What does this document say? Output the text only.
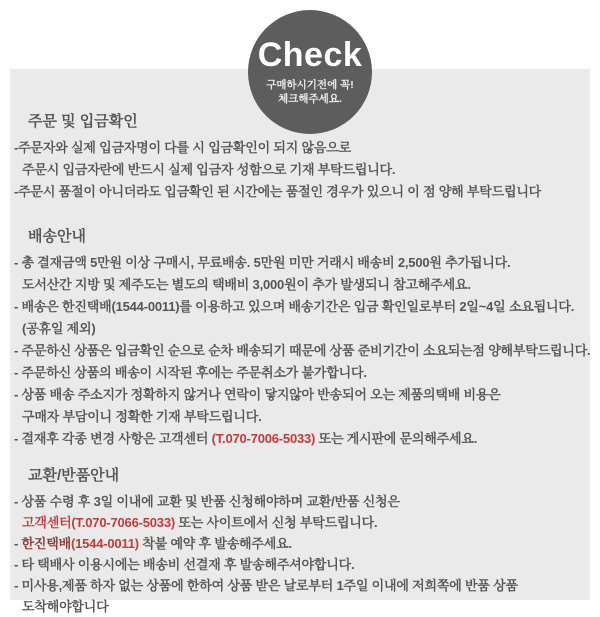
Check
구매하시기전에 꼭!
체크해주세요.
주문 및 입금확인
-주문자와 실제 입금자명이 다를 시 입금확인이 되지 않음으로
주문시 입금자란에 반드시 실제 입금자 성함으로 기재 부탁드립니다.
-주문시 품절이 아니더라도 입금확인 된 시간에는 품절인 경우가 있으니 이 점 양해 부탁드립니다
배송안내
- 총 결재금액 5만원 이상 구매시, 무료배송. 5만원 미만 거래시 배송비 2,500원 추가됩니다.
도서산간 지방 및 제주도는 별도의 택배비 3,000원이 추가 발생되니 참고해주세요.
- 배송은 한진택배(1544-0011)를 이용하고 있으며 배송기간은 입금 확인일로부터 2일~4일 소요됩니다.
(공휴일 제외)
- 주문하신 상품은 입금확인 순으로 순차 배송되기 때문에 상품 준비기간이 소요되는점 양해부탁드립니다.
- 주문하신 상품의 배송이 시작된 후에는 주문취소가 불가합니다.
- 상품 배송 주소지가 정확하지 않거나 연락이 닿지않아 반송되어 오는 제품의택배 비용은
구매자 부담이니 정확한 기재 부탁드립니다.
- 결재후 각종 변경 사항은 고객센터 (T.070-7006-5033) 또는 게시판에 문의해주세요.
교환/반품안내
- 상품 수령 후 3일 이내에 교환 및 반품 신청해야하며 교환/반품 신청은
고객센터(T.070-7066-5033) 또는 사이트에서 신청 부탁드립니다.
- 한진택배(1544-0011) 착불 예약 후 발송해주세요.
- 타 택배사 이용시에는 배송비 선결재 후 발송해주셔야합니다.
- 미사용,제품 하자 없는 상품에 한하여 상품 받은 날로부터 1주일 이내에 저희쪽에 반품 상품
도착해야합니다
